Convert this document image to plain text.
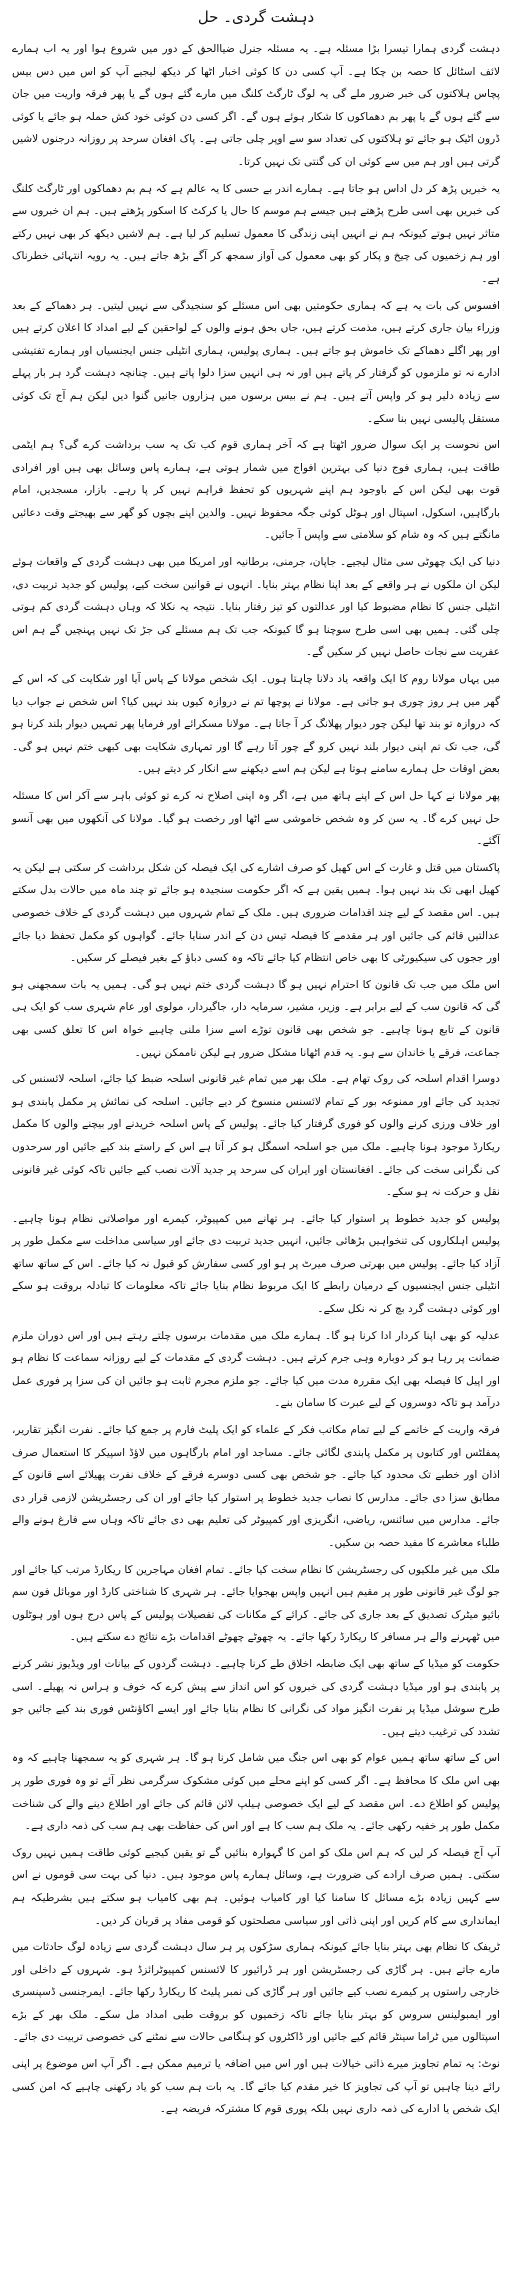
دہشت گردی۔ حل

دہشت گردی ہمارا تیسرا بڑا مسئلہ ہے۔ یہ مسئلہ جنرل ضیاالحق کے دور میں شروع ہوا اور یہ اب ہمارے لائف اسٹائل کا حصہ بن چکا ہے۔ آپ کسی دن کا کوئی اخبار اٹھا کر دیکھ لیجیے آپ کو اس میں دس بیس پچاس ہلاکتوں کی خبر ضرور ملے گی یہ لوگ ٹارگٹ کلنگ میں مارے گئے ہوں گے یا پھر فرقہ واریت میں جان سے گئے ہوں گے یا پھر بم دھماکوں کا شکار ہوئے ہوں گے۔ اگر کسی دن کوئی خود کش حملہ ہو جائے یا کوئی ڈرون اٹیک ہو جائے تو ہلاکتوں کی تعداد سو سے اوپر چلی جاتی ہے۔ پاک افغان سرحد پر روزانہ درجنوں لاشیں گرتی ہیں اور ہم میں سے کوئی ان کی گنتی تک نہیں کرتا۔

یہ خبریں پڑھ کر دل اداس ہو جاتا ہے۔ ہمارے اندر بے حسی کا یہ عالم ہے کہ ہم بم دھماکوں اور ٹارگٹ کلنگ کی خبریں بھی اسی طرح پڑھتے ہیں جیسے ہم موسم کا حال یا کرکٹ کا اسکور پڑھتے ہیں۔ ہم ان خبروں سے متاثر نہیں ہوتے کیونکہ ہم نے انہیں اپنی زندگی کا معمول تسلیم کر لیا ہے۔ ہم لاشیں دیکھ کر بھی نہیں رکتے اور ہم زخمیوں کی چیخ و پکار کو بھی معمول کی آواز سمجھ کر آگے بڑھ جاتے ہیں۔ یہ رویہ انتہائی خطرناک ہے۔

افسوس کی بات یہ ہے کہ ہماری حکومتیں بھی اس مسئلے کو سنجیدگی سے نہیں لیتیں۔ ہر دھماکے کے بعد وزراء بیان جاری کرتے ہیں، مذمت کرتے ہیں، جاں بحق ہونے والوں کے لواحقین کے لیے امداد کا اعلان کرتے ہیں اور پھر اگلے دھماکے تک خاموش ہو جاتے ہیں۔ ہماری پولیس، ہماری انٹیلی جنس ایجنسیاں اور ہمارے تفتیشی ادارے نہ تو ملزموں کو گرفتار کر پاتے ہیں اور نہ ہی انہیں سزا دلوا پاتے ہیں۔ چنانچہ دہشت گرد ہر بار پہلے سے زیادہ دلیر ہو کر واپس آتے ہیں۔ ہم نے بیس برسوں میں ہزاروں جانیں گنوا دیں لیکن ہم آج تک کوئی مستقل پالیسی نہیں بنا سکے۔

اس نحوست پر ایک سوال ضرور اٹھتا ہے کہ آخر ہماری قوم کب تک یہ سب برداشت کرے گی؟ ہم ایٹمی طاقت ہیں، ہماری فوج دنیا کی بہترین افواج میں شمار ہوتی ہے، ہمارے پاس وسائل بھی ہیں اور افرادی قوت بھی لیکن اس کے باوجود ہم اپنے شہریوں کو تحفظ فراہم نہیں کر پا رہے۔ بازار، مسجدیں، امام بارگاہیں، اسکول، اسپتال اور ہوٹل کوئی جگہ محفوظ نہیں۔ والدین اپنے بچوں کو گھر سے بھیجتے وقت دعائیں مانگتے ہیں کہ وہ شام کو سلامتی سے واپس آ جائیں۔

دنیا کی ایک چھوٹی سی مثال لیجیے۔ جاپان، جرمنی، برطانیہ اور امریکا میں بھی دہشت گردی کے واقعات ہوئے لیکن ان ملکوں نے ہر واقعے کے بعد اپنا نظام بہتر بنایا۔ انہوں نے قوانین سخت کیے، پولیس کو جدید تربیت دی، انٹیلی جنس کا نظام مضبوط کیا اور عدالتوں کو تیز رفتار بنایا۔ نتیجہ یہ نکلا کہ وہاں دہشت گردی کم ہوتی چلی گئی۔ ہمیں بھی اسی طرح سوچنا ہو گا کیونکہ جب تک ہم مسئلے کی جڑ تک نہیں پہنچیں گے ہم اس عفریت سے نجات حاصل نہیں کر سکیں گے۔

میں یہاں مولانا روم کا ایک واقعہ یاد دلانا چاہتا ہوں۔ ایک شخص مولانا کے پاس آیا اور شکایت کی کہ اس کے گھر میں ہر روز چوری ہو جاتی ہے۔ مولانا نے پوچھا تم نے دروازہ کیوں بند نہیں کیا؟ اس شخص نے جواب دیا کہ دروازہ تو بند تھا لیکن چور دیوار پھلانگ کر آ جاتا ہے۔ مولانا مسکرائے اور فرمایا پھر تمہیں دیوار بلند کرنا ہو گی، جب تک تم اپنی دیوار بلند نہیں کرو گے چور آتا رہے گا اور تمہاری شکایت بھی کبھی ختم نہیں ہو گی۔ بعض اوقات حل ہمارے سامنے ہوتا ہے لیکن ہم اسے دیکھنے سے انکار کر دیتے ہیں۔

پھر مولانا نے کہا حل اس کے اپنے ہاتھ میں ہے، اگر وہ اپنی اصلاح نہ کرے تو کوئی باہر سے آکر اس کا مسئلہ حل نہیں کرے گا۔ یہ سن کر وہ شخص خاموشی سے اٹھا اور رخصت ہو گیا۔ مولانا کی آنکھوں میں بھی آنسو آگئے۔

پاکستان میں قتل و غارت کے اس کھیل کو صرف اشارے کی ایک فیصلہ کن شکل برداشت کر سکتی ہے لیکن یہ کھیل ابھی تک بند نہیں ہوا۔ ہمیں یقین ہے کہ اگر حکومت سنجیدہ ہو جائے تو چند ماہ میں حالات بدل سکتے ہیں۔ اس مقصد کے لیے چند اقدامات ضروری ہیں۔ ملک کے تمام شہروں میں دہشت گردی کے خلاف خصوصی عدالتیں قائم کی جائیں اور ہر مقدمے کا فیصلہ تیس دن کے اندر سنایا جائے۔ گواہوں کو مکمل تحفظ دیا جائے اور ججوں کی سیکیورٹی کا بھی خاص انتظام کیا جائے تاکہ وہ کسی دباؤ کے بغیر فیصلے کر سکیں۔

اس ملک میں جب تک قانون کا احترام نہیں ہو گا دہشت گردی ختم نہیں ہو گی۔ ہمیں یہ بات سمجھنی ہو گی کہ قانون سب کے لیے برابر ہے۔ وزیر، مشیر، سرمایہ دار، جاگیردار، مولوی اور عام شہری سب کو ایک ہی قانون کے تابع ہونا چاہیے۔ جو شخص بھی قانون توڑے اسے سزا ملنی چاہیے خواہ اس کا تعلق کسی بھی جماعت، فرقے یا خاندان سے ہو۔ یہ قدم اٹھانا مشکل ضرور ہے لیکن ناممکن نہیں۔

دوسرا اقدام اسلحہ کی روک تھام ہے۔ ملک بھر میں تمام غیر قانونی اسلحہ ضبط کیا جائے، اسلحہ لائسنس کی تجدید کی جائے اور ممنوعہ بور کے تمام لائسنس منسوخ کر دیے جائیں۔ اسلحہ کی نمائش پر مکمل پابندی ہو اور خلاف ورزی کرنے والوں کو فوری گرفتار کیا جائے۔ پولیس کے پاس اسلحہ خریدنے اور بیچنے والوں کا مکمل ریکارڈ موجود ہونا چاہیے۔ ملک میں جو اسلحہ اسمگل ہو کر آتا ہے اس کے راستے بند کیے جائیں اور سرحدوں کی نگرانی سخت کی جائے۔ افغانستان اور ایران کی سرحد پر جدید آلات نصب کیے جائیں تاکہ کوئی غیر قانونی نقل و حرکت نہ ہو سکے۔

پولیس کو جدید خطوط پر استوار کیا جائے۔ ہر تھانے میں کمپیوٹر، کیمرے اور مواصلاتی نظام ہونا چاہیے۔ پولیس اہلکاروں کی تنخواہیں بڑھائی جائیں، انہیں جدید تربیت دی جائے اور سیاسی مداخلت سے مکمل طور پر آزاد کیا جائے۔ پولیس میں بھرتی صرف میرٹ پر ہو اور کسی سفارش کو قبول نہ کیا جائے۔ اس کے ساتھ ساتھ انٹیلی جنس ایجنسیوں کے درمیان رابطے کا ایک مربوط نظام بنایا جائے تاکہ معلومات کا تبادلہ بروقت ہو سکے اور کوئی دہشت گرد بچ کر نہ نکل سکے۔

عدلیہ کو بھی اپنا کردار ادا کرنا ہو گا۔ ہمارے ملک میں مقدمات برسوں چلتے رہتے ہیں اور اس دوران ملزم ضمانت پر رہا ہو کر دوبارہ وہی جرم کرتے ہیں۔ دہشت گردی کے مقدمات کے لیے روزانہ سماعت کا نظام ہو اور اپیل کا فیصلہ بھی ایک مقررہ مدت میں کیا جائے۔ جو ملزم مجرم ثابت ہو جائیں ان کی سزا پر فوری عمل درآمد ہو تاکہ دوسروں کے لیے عبرت کا سامان بنے۔

فرقہ واریت کے خاتمے کے لیے تمام مکاتب فکر کے علماء کو ایک پلیٹ فارم پر جمع کیا جائے۔ نفرت انگیز تقاریر، پمفلٹس اور کتابوں پر مکمل پابندی لگائی جائے۔ مساجد اور امام بارگاہوں میں لاؤڈ اسپیکر کا استعمال صرف اذان اور خطبے تک محدود کیا جائے۔ جو شخص بھی کسی دوسرے فرقے کے خلاف نفرت پھیلائے اسے قانون کے مطابق سزا دی جائے۔ مدارس کا نصاب جدید خطوط پر استوار کیا جائے اور ان کی رجسٹریشن لازمی قرار دی جائے۔ مدارس میں سائنس، ریاضی، انگریزی اور کمپیوٹر کی تعلیم بھی دی جائے تاکہ وہاں سے فارغ ہونے والے طلباء معاشرے کا مفید حصہ بن سکیں۔

ملک میں غیر ملکیوں کی رجسٹریشن کا نظام سخت کیا جائے۔ تمام افغان مہاجرین کا ریکارڈ مرتب کیا جائے اور جو لوگ غیر قانونی طور پر مقیم ہیں انہیں واپس بھجوایا جائے۔ ہر شہری کا شناختی کارڈ اور موبائل فون سم بائیو میٹرک تصدیق کے بعد جاری کی جائے۔ کرائے کے مکانات کی تفصیلات پولیس کے پاس درج ہوں اور ہوٹلوں میں ٹھہرنے والے ہر مسافر کا ریکارڈ رکھا جائے۔ یہ چھوٹے چھوٹے اقدامات بڑے نتائج دے سکتے ہیں۔

حکومت کو میڈیا کے ساتھ بھی ایک ضابطہ اخلاق طے کرنا چاہیے۔ دہشت گردوں کے بیانات اور ویڈیوز نشر کرنے پر پابندی ہو اور میڈیا دہشت گردی کی خبروں کو اس انداز سے پیش کرے کہ خوف و ہراس نہ پھیلے۔ اسی طرح سوشل میڈیا پر نفرت انگیز مواد کی نگرانی کا نظام بنایا جائے اور ایسے اکاؤنٹس فوری بند کیے جائیں جو تشدد کی ترغیب دیتے ہیں۔

اس کے ساتھ ساتھ ہمیں عوام کو بھی اس جنگ میں شامل کرنا ہو گا۔ ہر شہری کو یہ سمجھنا چاہیے کہ وہ بھی اس ملک کا محافظ ہے۔ اگر کسی کو اپنے محلے میں کوئی مشکوک سرگرمی نظر آئے تو وہ فوری طور پر پولیس کو اطلاع دے۔ اس مقصد کے لیے ایک خصوصی ہیلپ لائن قائم کی جائے اور اطلاع دینے والے کی شناخت مکمل طور پر خفیہ رکھی جائے۔ یہ ملک ہم سب کا ہے اور اس کی حفاظت بھی ہم سب کی ذمہ داری ہے۔

آپ آج فیصلہ کر لیں کہ ہم اس ملک کو امن کا گہوارہ بنائیں گے تو یقین کیجیے کوئی طاقت ہمیں نہیں روک سکتی۔ ہمیں صرف ارادے کی ضرورت ہے، وسائل ہمارے پاس موجود ہیں۔ دنیا کی بہت سی قوموں نے اس سے کہیں زیادہ بڑے مسائل کا سامنا کیا اور کامیاب ہوئیں۔ ہم بھی کامیاب ہو سکتے ہیں بشرطیکہ ہم ایمانداری سے کام کریں اور اپنی ذاتی اور سیاسی مصلحتوں کو قومی مفاد پر قربان کر دیں۔

ٹریفک کا نظام بھی بہتر بنایا جائے کیونکہ ہماری سڑکوں پر ہر سال دہشت گردی سے زیادہ لوگ حادثات میں مارے جاتے ہیں۔ ہر گاڑی کی رجسٹریشن اور ہر ڈرائیور کا لائسنس کمپیوٹرائزڈ ہو۔ شہروں کے داخلی اور خارجی راستوں پر کیمرے نصب کیے جائیں اور ہر گاڑی کی نمبر پلیٹ کا ریکارڈ رکھا جائے۔ ایمرجنسی ڈسپنسری اور ایمبولینس سروس کو بہتر بنایا جائے تاکہ زخمیوں کو بروقت طبی امداد مل سکے۔ ملک بھر کے بڑے اسپتالوں میں ٹراما سینٹر قائم کیے جائیں اور ڈاکٹروں کو ہنگامی حالات سے نمٹنے کی خصوصی تربیت دی جائے۔

نوٹ: یہ تمام تجاویز میرے ذاتی خیالات ہیں اور اس میں اضافہ یا ترمیم ممکن ہے۔ اگر آپ اس موضوع پر اپنی رائے دینا چاہیں تو آپ کی تجاویز کا خیر مقدم کیا جائے گا۔ یہ بات ہم سب کو یاد رکھنی چاہیے کہ امن کسی ایک شخص یا ادارے کی ذمہ داری نہیں بلکہ پوری قوم کا مشترکہ فریضہ ہے۔
